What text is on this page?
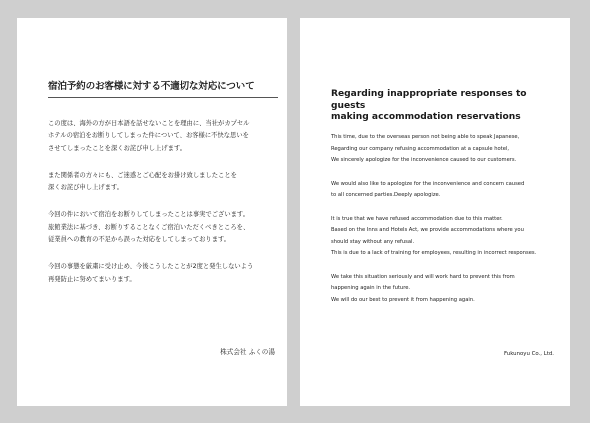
宿泊予約のお客様に対する不適切な対応について

この度は、海外の方が日本語を話せないことを理由に、当社がカプセル
ホテルの宿泊をお断りしてしまった件について、お客様に不快な思いを
させてしまったことを深くお詫び申し上げます。

また関係者の方々にも、ご迷惑とご心配をお掛け致しましたことを
深くお詫び申し上げます。

今回の件において宿泊をお断りしてしまったことは事実でございます。
旅館業法に基づき、お断りすることなくご宿泊いただくべきところを、
従業員への教育の不足から誤った対応をしてしまっております。

今回の事態を厳粛に受け止め、今後こうしたことが2度と発生しないよう
再発防止に努めてまいります。

株式会社 ふくの湯
Regarding inappropriate responses to guests
making accommodation reservations

This time, due to the overseas person not being able to speak Japanese,
Regarding our company refusing accommodation at a capsule hotel,
We sincerely apologize for the inconvenience caused to our customers.

We would also like to apologize for the inconvenience and concern caused
to all concerned parties.Deeply apologize.

It is true that we have refused accommodation due to this matter.
Based on the Inns and Hotels Act, we provide accommodations where you
should stay without any refusal.
This is due to a lack of training for employees, resulting in incorrect responses.

We take this situation seriously and will work hard to prevent this from
happening again in the future.
We will do our best to prevent it from happening again.

Fukunoyu Co., Ltd.
